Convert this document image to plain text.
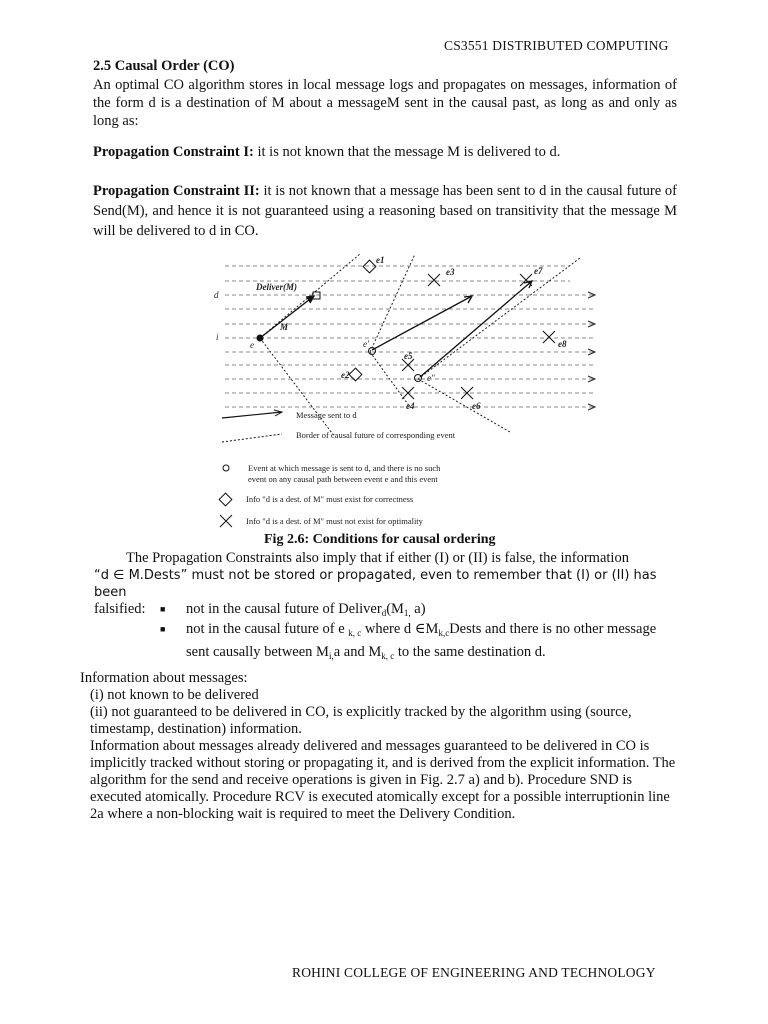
CS3551 DISTRIBUTED COMPUTING
2.5 Causal Order (CO)
An optimal CO algorithm stores in local message logs and propagates on messages, information of the form d is a destination of M about a messageM sent in the causal past, as long as and only as long as:
Propagation Constraint I: it is not known that the message M is delivered to d.
Propagation Constraint II: it is not known that a message has been sent to d in the causal future of Send(M), and hence it is not guaranteed using a reasoning based on transitivity that the message M will be delivered to d in CO.
Deliver(M)
d
i
M
e
e1
e2
e3
e4
e5
e6
e7
e8
e'
e"
Message sent to d
Border of causal future of corresponding event
Event at which message is sent to d, and there is no such
event on any causal path between event e and this event
Info "d is a dest. of M" must exist for correctness
Info "d is a dest. of M" must not exist for optimality
Fig 2.6: Conditions for causal ordering
The Propagation Constraints also imply that if either (I) or (II) is false, the information
“d ∈ M.Dests” must not be stored or propagated, even to remember that (I) or (II) has been
falsified:	■ not in the causal future of $Deliver_d(M_{1,}$ a)
■ not in the causal future of e $_{k, c}$ where d $\in M_{k,c}Dests$ and there is no other message sent causally between $M_{i,}a$ and $M_{k, c}$ to the same destination d.
Information about messages:
(i) not known to be delivered
(ii) not guaranteed to be delivered in CO, is explicitly tracked by the algorithm using (source, timestamp, destination) information.
Information about messages already delivered and messages guaranteed to be delivered in CO is implicitly tracked without storing or propagating it, and is derived from the explicit information. The algorithm for the send and receive operations is given in Fig. 2.7 a) and b). Procedure SND is executed atomically. Procedure RCV is executed atomically except for a possible interruptionin line 2a where a non-blocking wait is required to meet the Delivery Condition.
ROHINI COLLEGE OF ENGINEERING AND TECHNOLOGY
